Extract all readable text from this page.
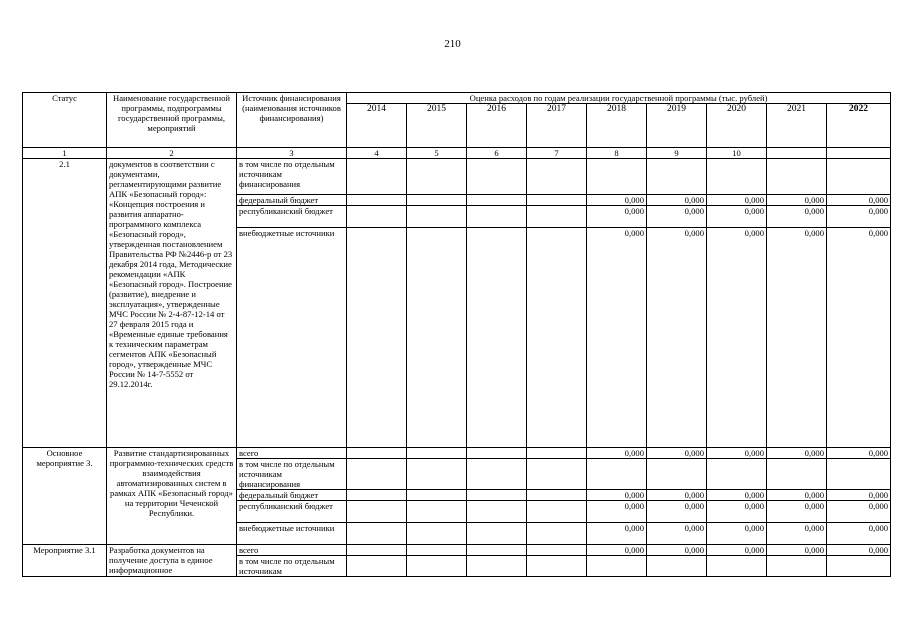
210
Статус	Наименование государственной программы, подпрограммы государственной программы, мероприятий	Источник финансирования (наименования источников финансирования)	Оценка расходов по годам реализации государственной программы (тыс. рублей)								
			2014	2015	2016	2017	2018	2019	2020	2021	2022
1	2	3	4	5	6	7	8	9	10		
2.1	документов в соответствии с документами, регламентирующими развитие АПК «Безопасный город»: «Концепция построения и развития аппаратно-программного комплекса «Безопасный город», утвержденная постановлением Правительства РФ №2446-р от 23 декабря 2014 года, Методические рекомендации «АПК «Безопасный город». Построение (развитие), внедрение и эксплуатация», утвержденные МЧС России № 2-4-87-12-14 от 27 февраля 2015 года и «Временные единые требования к техническим параметрам сегментов АПК «Безопасный город», утвержденные МЧС России № 14-7-5552 от 29.12.2014г.	в том числе по отдельным источникам финансирования									
		федеральный бюджет					0,000	0,000	0,000	0,000	0,000
		республиканский бюджет					0,000	0,000	0,000	0,000	0,000
		внебюджетные источники					0,000	0,000	0,000	0,000	0,000
Основное мероприятие 3.	Развитие стандартизированных программно-технических средств взаимодействия автоматизированных систем в рамках АПК «Безопасный город» на территории Чеченской Республики.	всего					0,000	0,000	0,000	0,000	0,000
		в том числе по отдельным источникам финансирования									
		федеральный бюджет					0,000	0,000	0,000	0,000	0,000
		республиканский бюджет					0,000	0,000	0,000	0,000	0,000
		внебюджетные источники					0,000	0,000	0,000	0,000	0,000
Мероприятие 3.1	Разработка документов на получение доступа в единое информационное	всего					0,000	0,000	0,000	0,000	0,000
		в том числе по отдельным источникам									
